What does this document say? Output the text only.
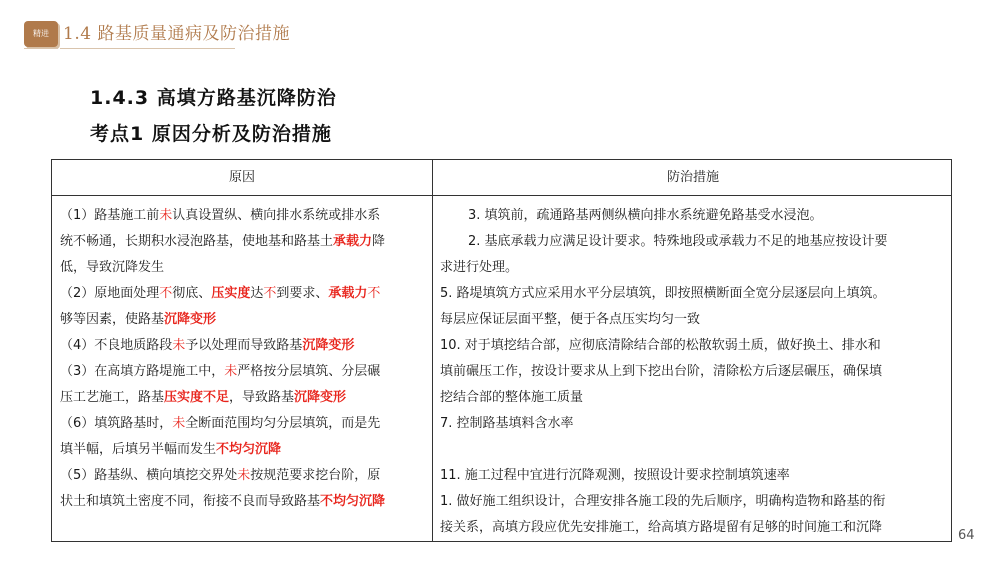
精进 1.4 路基质量通病及防治措施
1.4.3 高填方路基沉降防治
考点1 原因分析及防治措施
原因	防治措施
（1）路基施工前未认真设置纵、横向排水系统或排水系
统不畅通，长期积水浸泡路基，使地基和路基土承载力降
低，导致沉降发生
（2）原地面处理不彻底、压实度达不到要求、承载力不
够等因素，使路基沉降变形
（4）不良地质路段未予以处理而导致路基沉降变形
（3）在高填方路堤施工中，未严格按分层填筑、分层碾
压工艺施工，路基压实度不足，导致路基沉降变形
（6）填筑路基时，未全断面范围均匀分层填筑，而是先
填半幅，后填另半幅而发生不均匀沉降
（5）路基纵、横向填挖交界处未按规范要求挖台阶，原
状土和填筑土密度不同，衔接不良而导致路基不均匀沉降
3. 填筑前，疏通路基两侧纵横向排水系统避免路基受水浸泡。
2. 基底承载力应满足设计要求。特殊地段或承载力不足的地基应按设计要
求进行处理。
5. 路堤填筑方式应采用水平分层填筑，即按照横断面全宽分层逐层向上填筑。
每层应保证层面平整，便于各点压实均匀一致
10. 对于填挖结合部，应彻底清除结合部的松散软弱土质，做好换土、排水和
填前碾压工作，按设计要求从上到下挖出台阶，清除松方后逐层碾压，确保填
挖结合部的整体施工质量
7. 控制路基填料含水率
11. 施工过程中宜进行沉降观测，按照设计要求控制填筑速率
1. 做好施工组织设计，合理安排各施工段的先后顺序，明确构造物和路基的衔
接关系，高填方段应优先安排施工，给高填方路堤留有足够的时间施工和沉降
64
